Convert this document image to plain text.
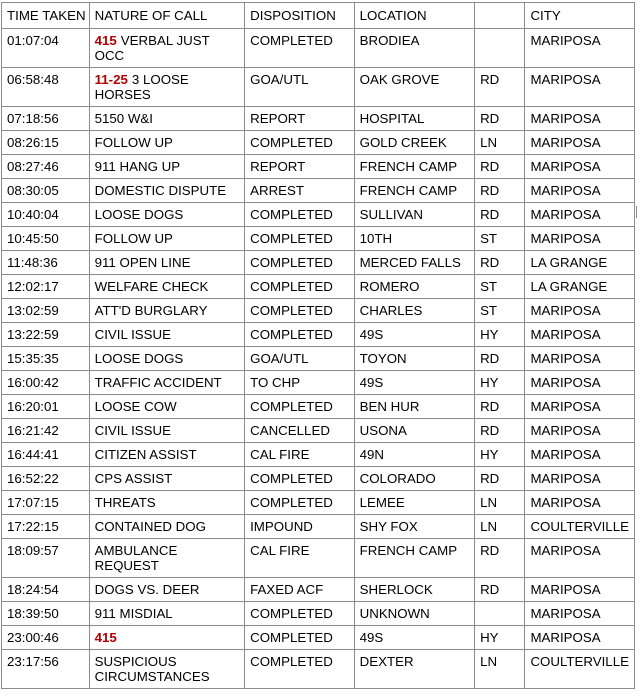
TIME TAKEN	NATURE OF CALL	DISPOSITION	LOCATION		CITY
01:07:04	415 VERBAL JUST OCC	COMPLETED	BRODIEA		MARIPOSA
06:58:48	11-25 3 LOOSE HORSES	GOA/UTL	OAK GROVE	RD	MARIPOSA
07:18:56	5150 W&I	REPORT	HOSPITAL	RD	MARIPOSA
08:26:15	FOLLOW UP	COMPLETED	GOLD CREEK	LN	MARIPOSA
08:27:46	911 HANG UP	REPORT	FRENCH CAMP	RD	MARIPOSA
08:30:05	DOMESTIC DISPUTE	ARREST	FRENCH CAMP	RD	MARIPOSA
10:40:04	LOOSE DOGS	COMPLETED	SULLIVAN	RD	MARIPOSA
10:45:50	FOLLOW UP	COMPLETED	10TH	ST	MARIPOSA
11:48:36	911 OPEN LINE	COMPLETED	MERCED FALLS	RD	LA GRANGE
12:02:17	WELFARE CHECK	COMPLETED	ROMERO	ST	LA GRANGE
13:02:59	ATT'D BURGLARY	COMPLETED	CHARLES	ST	MARIPOSA
13:22:59	CIVIL ISSUE	COMPLETED	49S	HY	MARIPOSA
15:35:35	LOOSE DOGS	GOA/UTL	TOYON	RD	MARIPOSA
16:00:42	TRAFFIC ACCIDENT	TO CHP	49S	HY	MARIPOSA
16:20:01	LOOSE COW	COMPLETED	BEN HUR	RD	MARIPOSA
16:21:42	CIVIL ISSUE	CANCELLED	USONA	RD	MARIPOSA
16:44:41	CITIZEN ASSIST	CAL FIRE	49N	HY	MARIPOSA
16:52:22	CPS ASSIST	COMPLETED	COLORADO	RD	MARIPOSA
17:07:15	THREATS	COMPLETED	LEMEE	LN	MARIPOSA
17:22:15	CONTAINED DOG	IMPOUND	SHY FOX	LN	COULTERVILLE
18:09:57	AMBULANCE REQUEST	CAL FIRE	FRENCH CAMP	RD	MARIPOSA
18:24:54	DOGS VS. DEER	FAXED ACF	SHERLOCK	RD	MARIPOSA
18:39:50	911 MISDIAL	COMPLETED	UNKNOWN		MARIPOSA
23:00:46	415	COMPLETED	49S	HY	MARIPOSA
23:17:56	SUSPICIOUS CIRCUMSTANCES	COMPLETED	DEXTER	LN	COULTERVILLE
